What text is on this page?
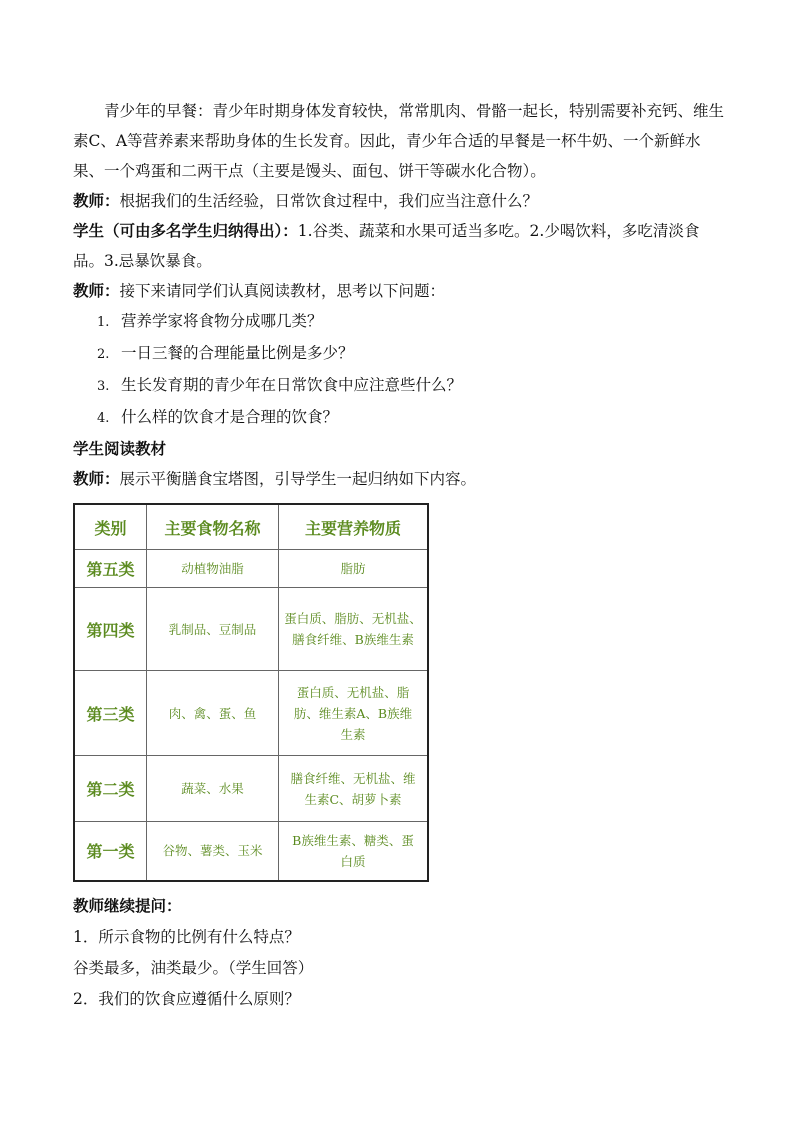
青少年的早餐：青少年时期身体发育较快，常常肌肉、骨骼一起长，特别需要补充钙、维生素C、A等营养素来帮助身体的生长发育。因此，青少年合适的早餐是一杯牛奶、一个新鲜水果、一个鸡蛋和二两干点（主要是馒头、面包、饼干等碳水化合物）。

教师：根据我们的生活经验，日常饮食过程中，我们应当注意什么？

学生（可由多名学生归纳得出）：1.谷类、蔬菜和水果可适当多吃。2.少喝饮料，多吃清淡食品。3.忌暴饮暴食。

教师：接下来请同学们认真阅读教材，思考以下问题：

1. 营养学家将食物分成哪几类？
2. 一日三餐的合理能量比例是多少？
3. 生长发育期的青少年在日常饮食中应注意些什么？
4. 什么样的饮食才是合理的饮食？

学生阅读教材

教师：展示平衡膳食宝塔图，引导学生一起归纳如下内容。

类别	主要食物名称	主要营养物质
第五类	动植物油脂	脂肪
第四类	乳制品、豆制品	蛋白质、脂肪、无机盐、膳食纤维、B族维生素
第三类	肉、禽、蛋、鱼	蛋白质、无机盐、脂肪、维生素A、B族维生素
第二类	蔬菜、水果	膳食纤维、无机盐、维生素C、胡萝卜素
第一类	谷物、薯类、玉米	B族维生素、糖类、蛋白质

教师继续提问：

1．所示食物的比例有什么特点？

谷类最多，油类最少。（学生回答）

2．我们的饮食应遵循什么原则？
